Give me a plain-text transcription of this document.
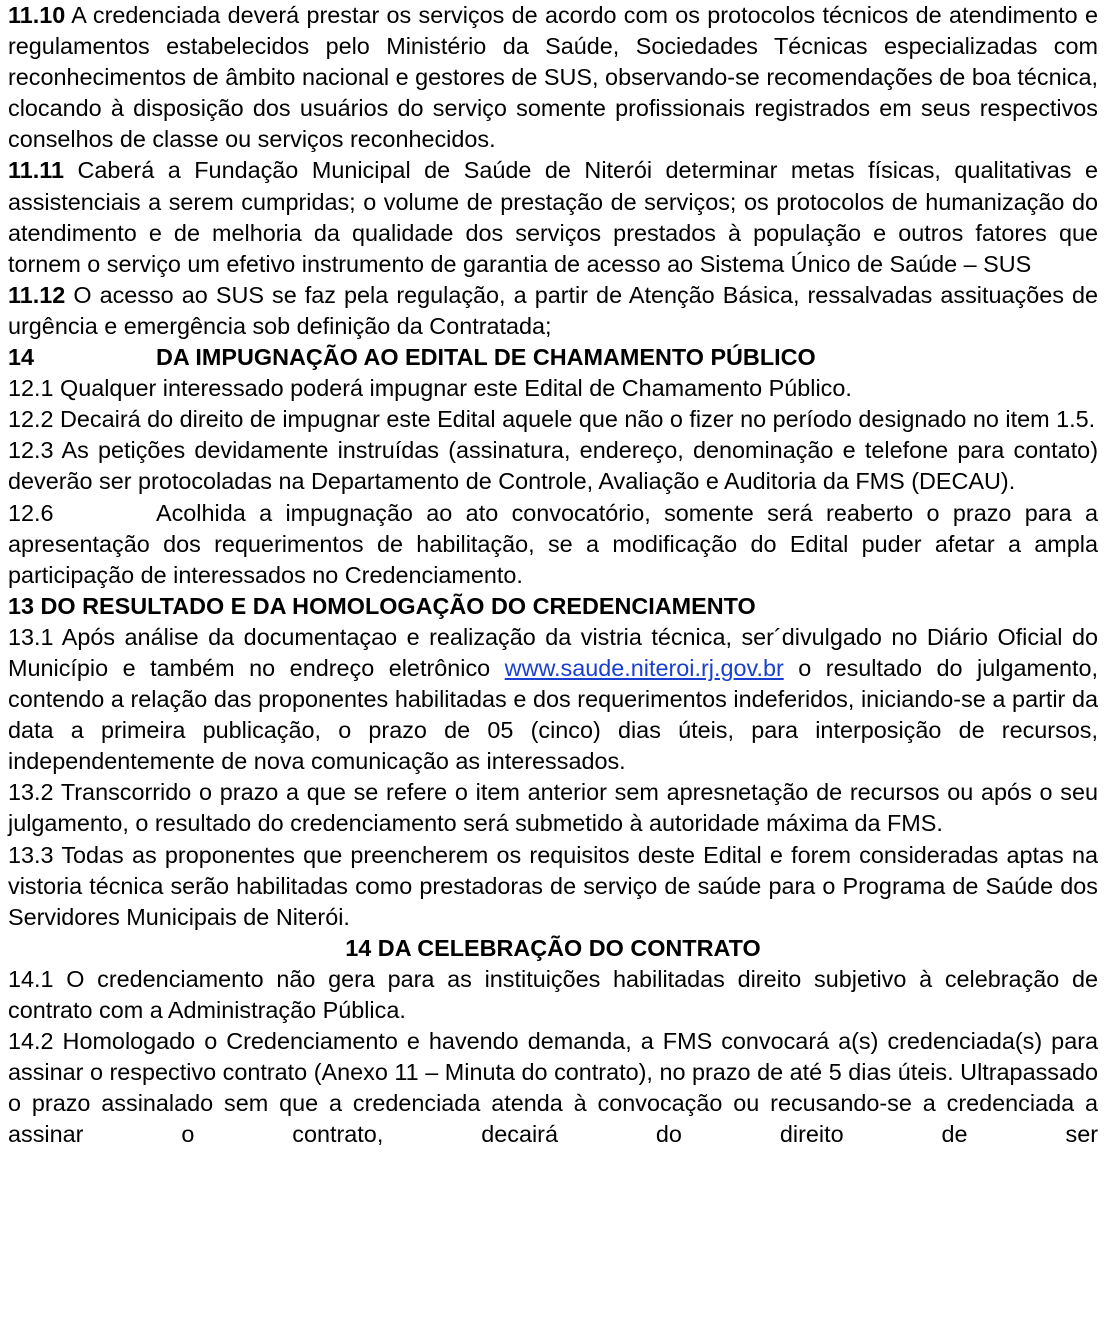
11.10 A credenciada deverá prestar os serviços de acordo com os protocolos técnicos de atendimento e regulamentos estabelecidos pelo Ministério da Saúde, Sociedades Técnicas especializadas com reconhecimentos de âmbito nacional e gestores de SUS, observando-se recomendações de boa técnica, clocando à disposição dos usuários do serviço somente profissionais registrados em seus respectivos conselhos de classe ou serviços reconhecidos.

11.11 Caberá a Fundação Municipal de Saúde de Niterói determinar metas físicas, qualitativas e assistenciais a serem cumpridas; o volume de prestação de serviços; os protocolos de humanização do atendimento e de melhoria da qualidade dos serviços prestados à população e outros fatores que tornem o serviço um efetivo instrumento de garantia de acesso ao Sistema Único de Saúde – SUS

11.12 O acesso ao SUS se faz pela regulação, a partir de Atenção Básica, ressalvadas assituações de urgência e emergência sob definição da Contratada;

14	DA IMPUGNAÇÃO AO EDITAL DE CHAMAMENTO PÚBLICO

12.1 Qualquer interessado poderá impugnar este Edital de Chamamento Público.

12.2 Decairá do direito de impugnar este Edital aquele que não o fizer no período designado no item 1.5.

12.3 As petições devidamente instruídas (assinatura, endereço, denominação e telefone para contato) deverão ser protocoladas na Departamento de Controle, Avaliação e Auditoria da FMS (DECAU).

12.6	Acolhida a impugnação ao ato convocatório, somente será reaberto o prazo para a apresentação dos requerimentos de habilitação, se a modificação do Edital puder afetar a ampla participação de interessados no Credenciamento.

13 DO RESULTADO E DA HOMOLOGAÇÃO DO CREDENCIAMENTO

13.1 Após análise da documentaçao e realização da vistria técnica, ser´divulgado no Diário Oficial do Município e também no endreço eletrônico www.saude.niteroi.rj.gov.br o resultado do julgamento, contendo a relação das proponentes habilitadas e dos requerimentos indeferidos, iniciando-se a partir da data a primeira publicação, o prazo de 05 (cinco) dias úteis, para interposição de recursos, independentemente de nova comunicação as interessados.

13.2 Transcorrido o prazo a que se refere o item anterior sem apresnetação de recursos ou após o seu julgamento, o resultado do credenciamento será submetido à autoridade máxima da FMS.

13.3 Todas as proponentes que preencherem os requisitos deste Edital e forem consideradas aptas na vistoria técnica serão habilitadas como prestadoras de serviço de saúde para o Programa de Saúde dos Servidores Municipais de Niterói.

14 DA CELEBRAÇÃO DO CONTRATO

14.1 O credenciamento não gera para as instituições habilitadas direito subjetivo à celebração de contrato com a Administração Pública.

14.2 Homologado o Credenciamento e havendo demanda, a FMS convocará a(s) credenciada(s) para assinar o respectivo contrato (Anexo 11 – Minuta do contrato), no prazo de até 5 dias úteis. Ultrapassado o prazo assinalado sem que a credenciada atenda à convocação ou recusando-se a credenciada a assinar o contrato, decairá do direito de ser
